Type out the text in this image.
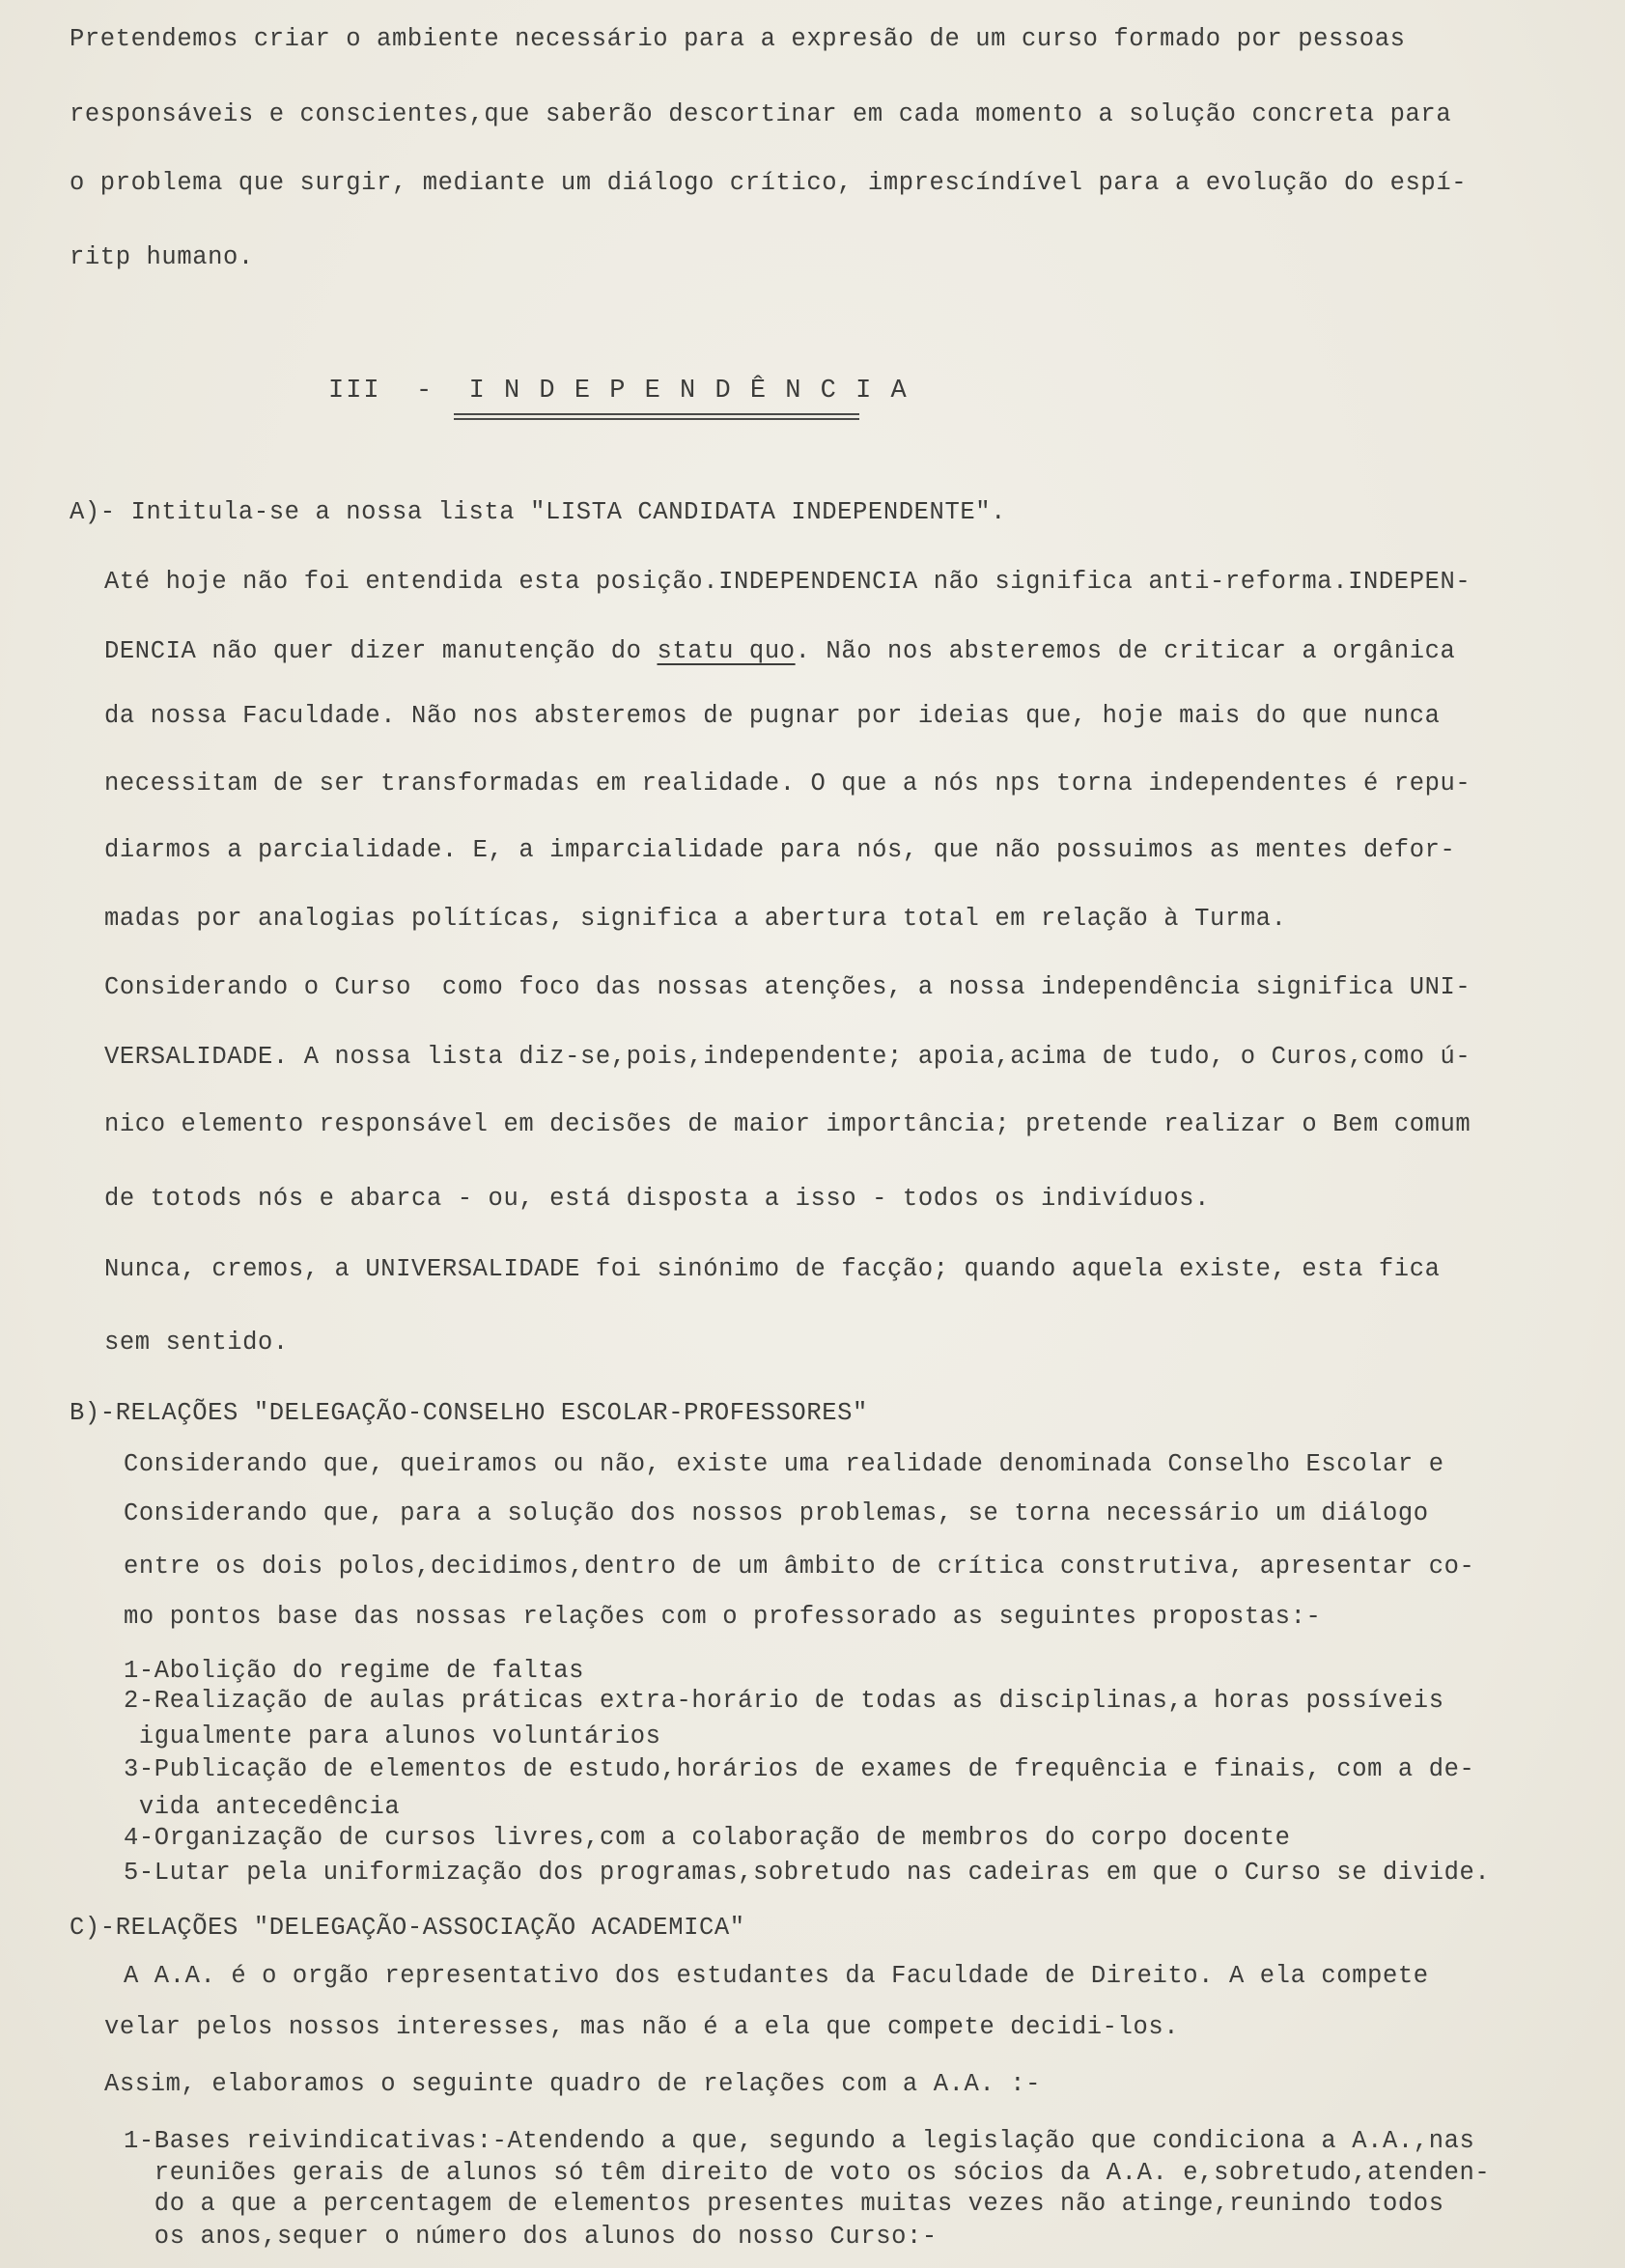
Pretendemos criar o ambiente necessário para a expresão de um curso formado por pessoas
responsáveis e conscientes,que saberão descortinar em cada momento a solução concreta para
o problema que surgir, mediante um diálogo crítico, imprescíndível para a evolução do espí-
ritp humano.
III  -  I N D E P E N D Ê N C I A
A)- Intitula-se a nossa lista "LISTA CANDIDATA INDEPENDENTE".
Até hoje não foi entendida esta posição.INDEPENDENCIA não significa anti-reforma.INDEPEN-
DENCIA não quer dizer manutenção do statu quo. Não nos absteremos de criticar a orgânica
da nossa Faculdade. Não nos absteremos de pugnar por ideias que, hoje mais do que nunca
necessitam de ser transformadas em realidade. O que a nós nps torna independentes é repu-
diarmos a parcialidade. E, a imparcialidade para nós, que não possuimos as mentes defor-
madas por analogias polítícas, significa a abertura total em relação à Turma.
Considerando o Curso  como foco das nossas atenções, a nossa independência significa UNI-
VERSALIDADE. A nossa lista diz-se,pois,independente; apoia,acima de tudo, o Curos,como ú-
nico elemento responsável em decisões de maior importância; pretende realizar o Bem comum
de totods nós e abarca - ou, está disposta a isso - todos os indivíduos.
Nunca, cremos, a UNIVERSALIDADE foi sinónimo de facção; quando aquela existe, esta fica
sem sentido.
B)-RELAÇÕES "DELEGAÇÃO-CONSELHO ESCOLAR-PROFESSORES"
Considerando que, queiramos ou não, existe uma realidade denominada Conselho Escolar e
Considerando que, para a solução dos nossos problemas, se torna necessário um diálogo
entre os dois polos,decidimos,dentro de um âmbito de crítica construtiva, apresentar co-
mo pontos base das nossas relações com o professorado as seguintes propostas:-
1-Abolição do regime de faltas
2-Realização de aulas práticas extra-horário de todas as disciplinas,a horas possíveis
igualmente para alunos voluntários
3-Publicação de elementos de estudo,horários de exames de frequência e finais, com a de-
vida antecedência
4-Organização de cursos livres,com a colaboração de membros do corpo docente
5-Lutar pela uniformização dos programas,sobretudo nas cadeiras em que o Curso se divide.
C)-RELAÇÕES "DELEGAÇÃO-ASSOCIAÇÃO ACADEMICA"
A A.A. é o orgão representativo dos estudantes da Faculdade de Direito. A ela compete
velar pelos nossos interesses, mas não é a ela que compete decidi-los.
Assim, elaboramos o seguinte quadro de relações com a A.A. :-
1-Bases reivindicativas:-Atendendo a que, segundo a legislação que condiciona a A.A.,nas
reuniões gerais de alunos só têm direito de voto os sócios da A.A. e,sobretudo,atenden-
do a que a percentagem de elementos presentes muitas vezes não atinge,reunindo todos
os anos,sequer o número dos alunos do nosso Curso:-
